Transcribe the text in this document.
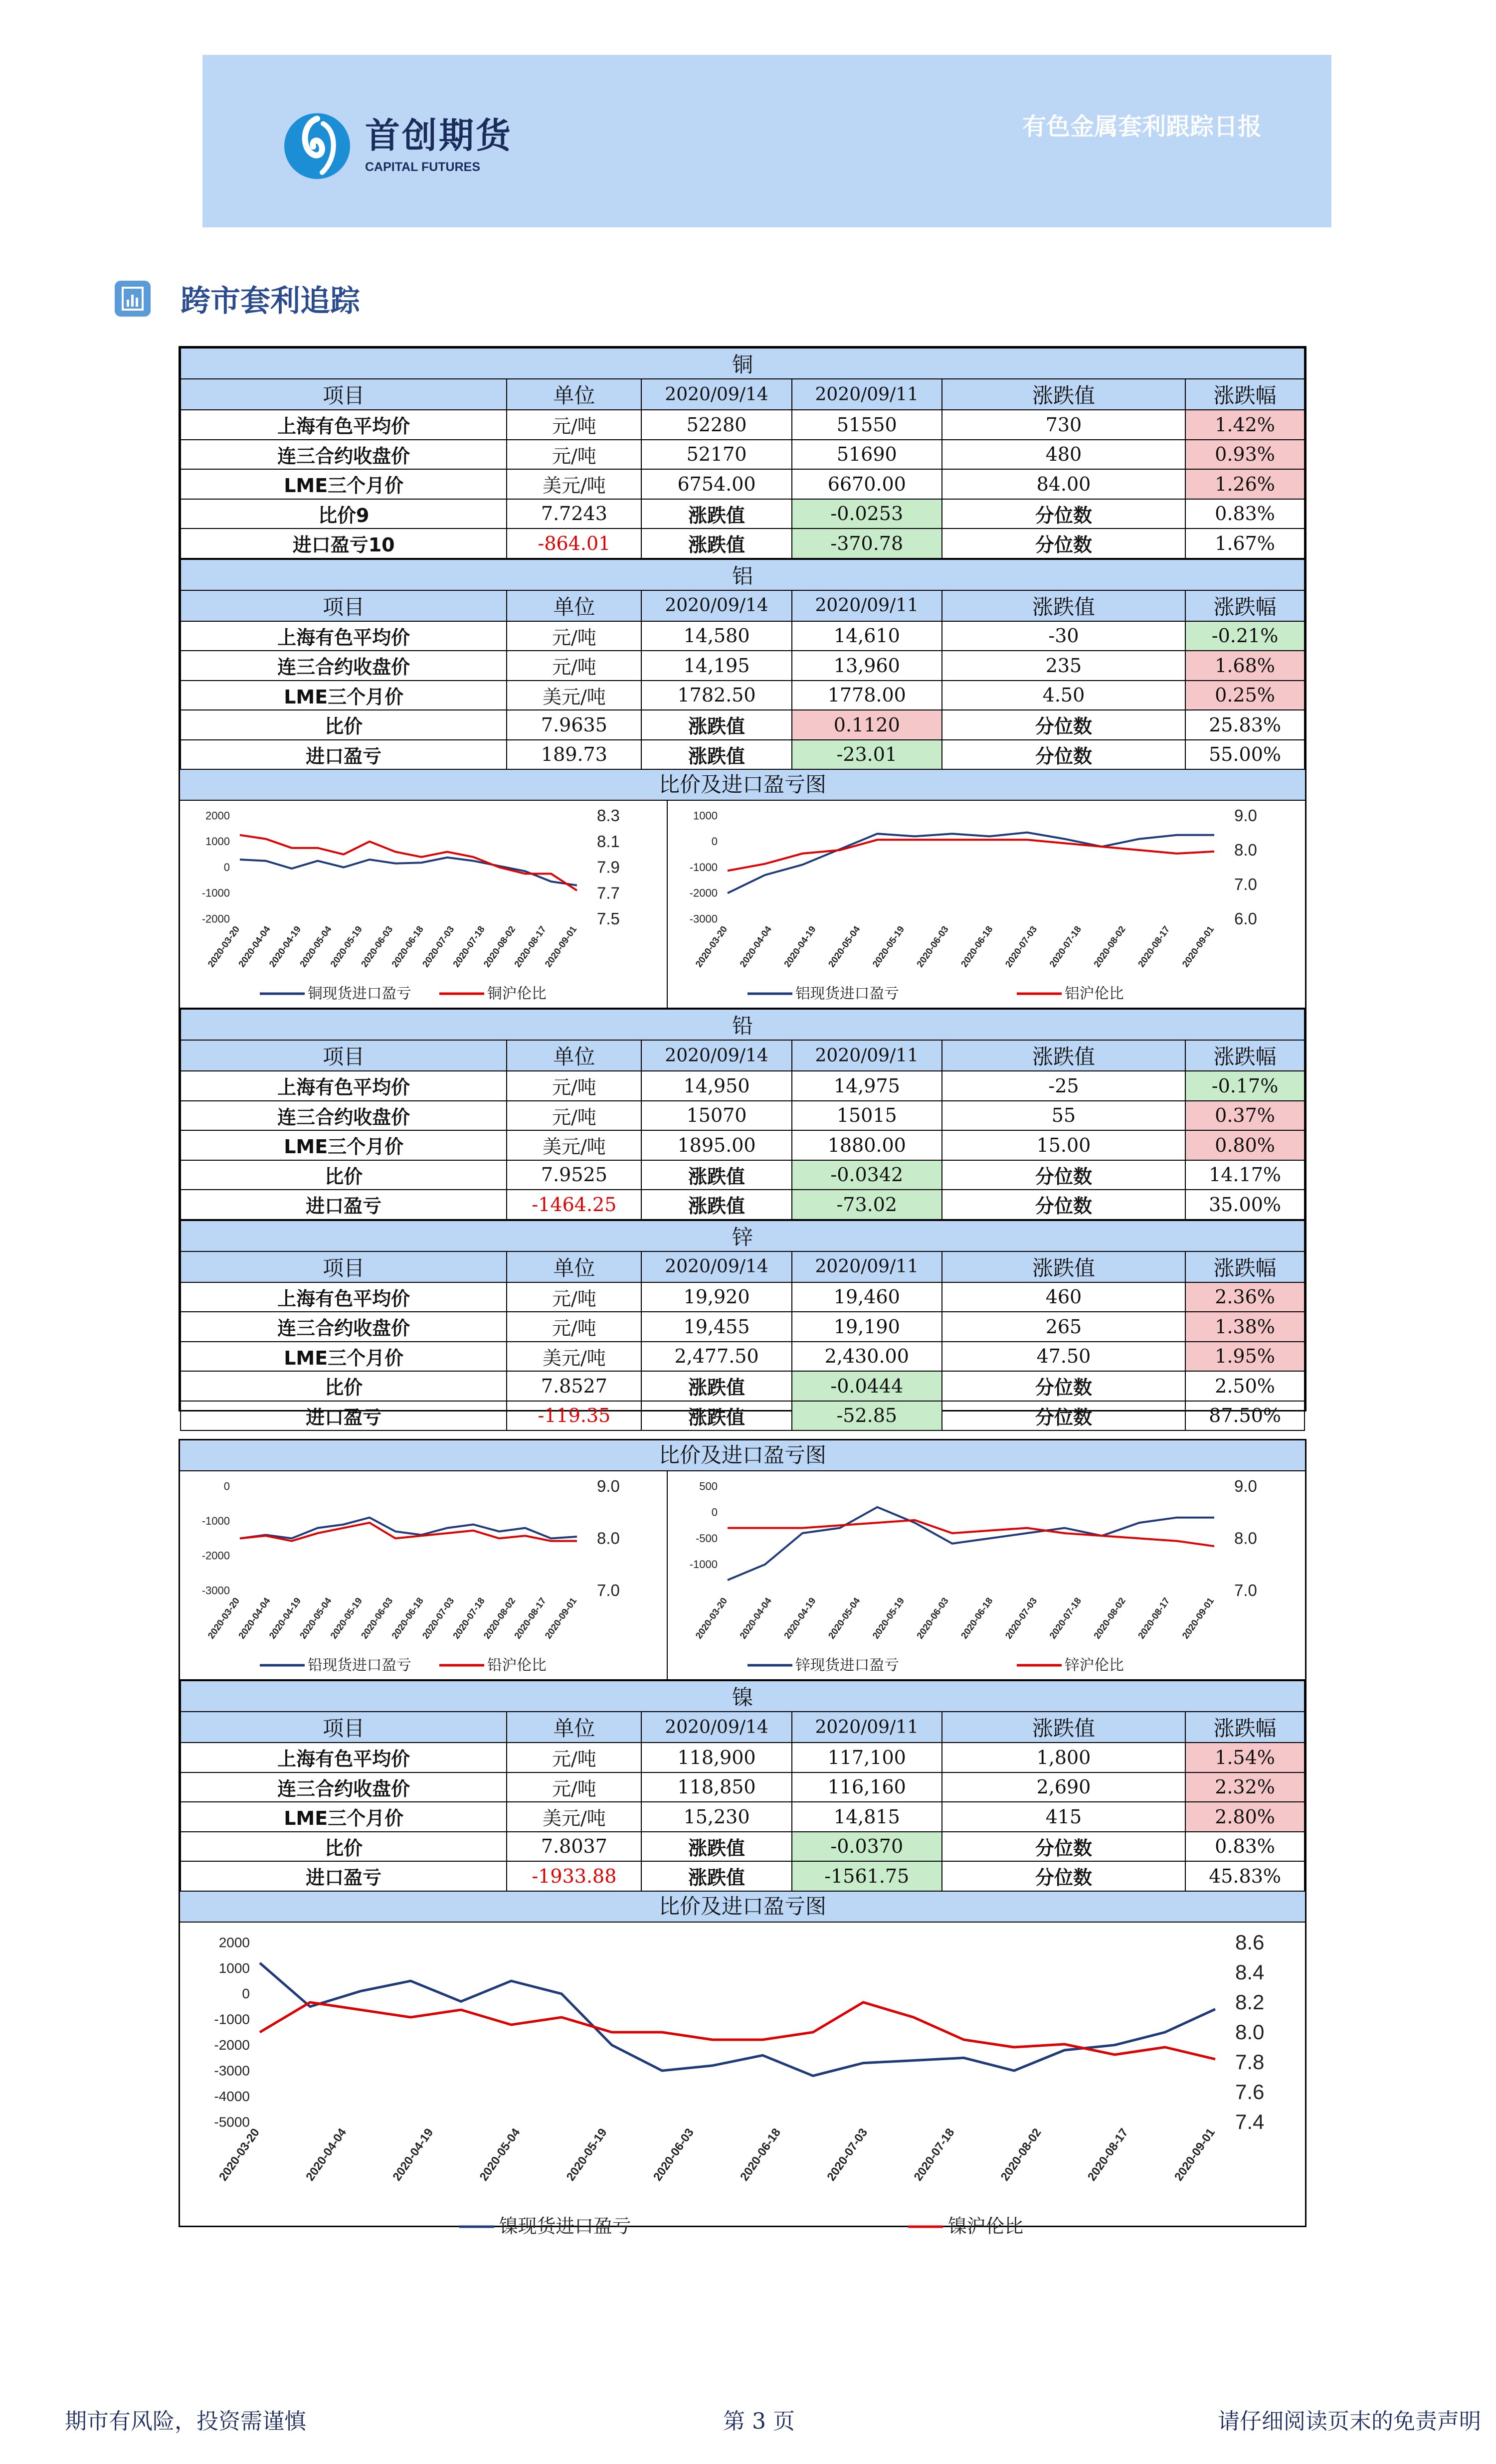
首创期货
CAPITAL FUTURES
有色金属套利跟踪日报
跨市套利追踪
铜					
项目	单位	2020/09/14	2020/09/11	涨跌值	涨跌幅
上海有色平均价	元/吨	52280	51550	730	1.42%
连三合约收盘价	元/吨	52170	51690	480	0.93%
LME三个月价	美元/吨	6754.00	6670.00	84.00	1.26%
比价9	7.7243	涨跌值	-0.0253	分位数	0.83%
进口盈亏10	-864.01	涨跌值	-370.78	分位数	1.67%
铝					
项目	单位	2020/09/14	2020/09/11	涨跌值	涨跌幅
上海有色平均价	元/吨	14,580	14,610	-30	-0.21%
连三合约收盘价	元/吨	14,195	13,960	235	1.68%
LME三个月价	美元/吨	1782.50	1778.00	4.50	0.25%
比价	7.9635	涨跌值	0.1120	分位数	25.83%
进口盈亏	189.73	涨跌值	-23.01	分位数	55.00%
比价及进口盈亏图
2000
1000
0
-1000
-2000
8.3
8.1
7.9
7.7
7.5
2020-03-20
2020-04-04
2020-04-19
2020-05-04
2020-05-19
2020-06-03
2020-06-18
2020-07-03
2020-07-18
2020-08-02
2020-08-17
2020-09-01
铜现货进口盈亏	铜沪伦比
1000
0
-1000
-2000
-3000
9.0
8.0
7.0
6.0
2020-03-20 2020-04-04 2020-04-19 2020-05-04 2020-05-19 2020-06-03 2020-06-18 2020-07-03 2020-07-18 2020-08-02 2020-08-17 2020-09-01
铝现货进口盈亏	铝沪伦比
铅					
项目	单位	2020/09/14	2020/09/11	涨跌值	涨跌幅
上海有色平均价	元/吨	14,950	14,975	-25	-0.17%
连三合约收盘价	元/吨	15070	15015	55	0.37%
LME三个月价	美元/吨	1895.00	1880.00	15.00	0.80%
比价	7.9525	涨跌值	-0.0342	分位数	14.17%
进口盈亏	-1464.25	涨跌值	-73.02	分位数	35.00%
锌					
项目	单位	2020/09/14	2020/09/11	涨跌值	涨跌幅
上海有色平均价	元/吨	19,920	19,460	460	2.36%
连三合约收盘价	元/吨	19,455	19,190	265	1.38%
LME三个月价	美元/吨	2,477.50	2,430.00	47.50	1.95%
比价	7.8527	涨跌值	-0.0444	分位数	2.50%
进口盈亏	-119.35	涨跌值	-52.85	分位数	87.50%
比价及进口盈亏图
0
-1000
-2000
-3000
9.0
8.0
7.0
2020-03-20
2020-04-04
2020-04-19
2020-05-04
2020-05-19
2020-06-03
2020-06-18
2020-07-03
2020-07-18
2020-08-02
2020-08-17
2020-09-01
铅现货进口盈亏	铅沪伦比
500
0
-500
-1000
9.0
8.0
7.0
2020-03-20 2020-04-04 2020-04-19 2020-05-04 2020-05-19 2020-06-03 2020-06-18 2020-07-03 2020-07-18 2020-08-02 2020-08-17 2020-09-01
锌现货进口盈亏	锌沪伦比
镍					
项目	单位	2020/09/14	2020/09/11	涨跌值	涨跌幅
上海有色平均价	元/吨	118,900	117,100	1,800	1.54%
连三合约收盘价	元/吨	118,850	116,160	2,690	2.32%
LME三个月价	美元/吨	15,230	14,815	415	2.80%
比价	7.8037	涨跌值	-0.0370	分位数	0.83%
进口盈亏	-1933.88	涨跌值	-1561.75	分位数	45.83%
比价及进口盈亏图
2000
1000
0
-1000
-2000
-3000
-4000
-5000
8.6
8.4
8.2
8.0
7.8
7.6
7.4
2020-03-20	2020-04-04	2020-04-19	2020-05-04	2020-05-19	2020-06-03	2020-06-18	2020-07-03	2020-07-18	2020-08-02	2020-08-17	2020-09-01
镍现货进口盈亏	镍沪伦比
期市有风险，投资需谨慎	第 3 页	请仔细阅读页末的免责声明
